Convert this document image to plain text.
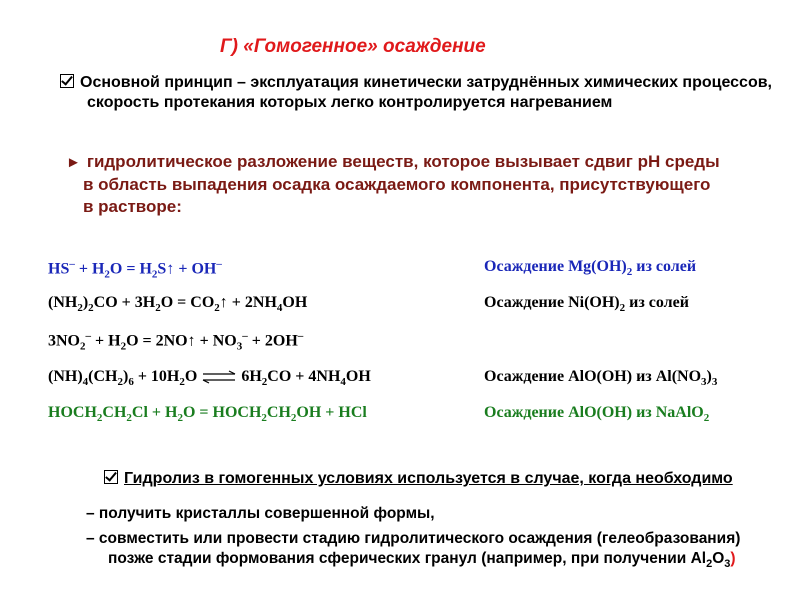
Г) «Гомогенное» осаждение
Основной принцип – эксплуатация кинетически затруднённых химических процессов,
скорость протекания которых легко контролируется нагреванием
► гидролитическое разложение веществ, которое вызывает сдвиг pH среды
в область выпадения осадка осаждаемого компонента, присутствующего
в растворе:
$HS^- + H_2O$ = $H_2S↑ + OH^-$
$(NH_2)_2CO + 3H_2O$ = $CO_2↑ + 2NH_4OH$
$3NO_2^- + H_2O$ = 2NO↑ + $NO_3^- + 2OH^-$
$(NH)_4(CH_2)_6 + 10H_2O$ ⇌ $6H_2CO + 4NH_4OH$
$HOCH_2CH_2Cl + H_2O$ = $HOCH_2CH_2OH$ + HCl
Осаждение $Mg(OH)_2$ из солей
Осаждение $Ni(OH)_2$ из солей
Осаждение AlO(OH) из $Al(NO_3)_3$
Осаждение AlO(OH) из NaAlO$_2$
Гидролиз в гомогенных условиях используется в случае, когда необходимо
– получить кристаллы совершенной формы,
– совместить или провести стадию гидролитического осаждения (гелеобразования)
позже стадии формования сферических гранул (например, при получении $Al_2O_3$)
